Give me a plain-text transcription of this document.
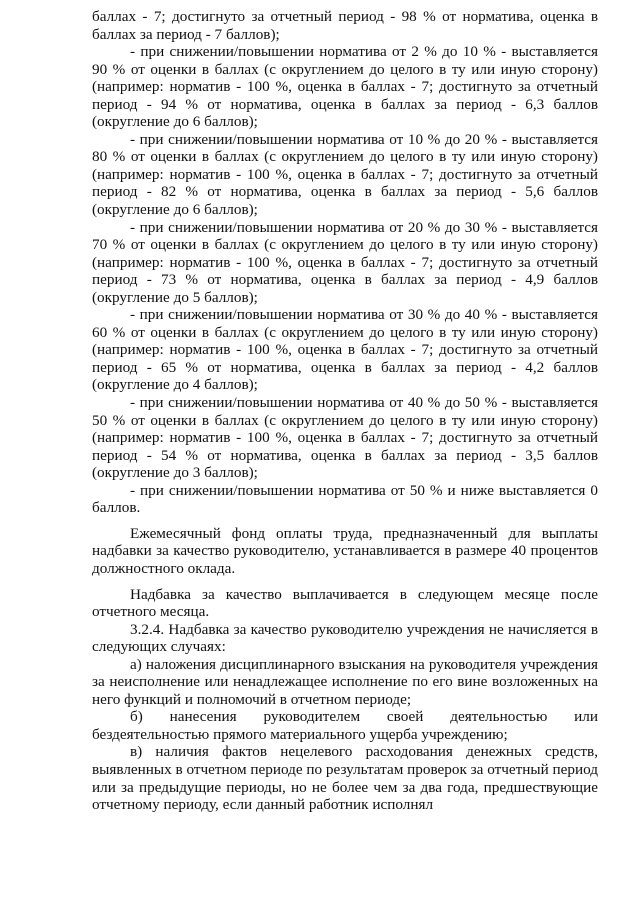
баллах - 7; достигнуто за отчетный период - 98 % от норматива, оценка в баллах за период - 7 баллов);

- при снижении/повышении норматива от 2 % до 10 % - выставляется 90 % от оценки в баллах (с округлением до целого в ту или иную сторону) (например: норматив - 100 %, оценка в баллах - 7; достигнуто за отчетный период - 94 % от норматива, оценка в баллах за период - 6,3 баллов (округление до 6 баллов);

- при снижении/повышении норматива от 10 % до 20 % - выставляется 80 % от оценки в баллах (с округлением до целого в ту или иную сторону) (например: норматив - 100 %, оценка в баллах - 7; достигнуто за отчетный период - 82 % от норматива, оценка в баллах за период - 5,6 баллов (округление до 6 баллов);

- при снижении/повышении норматива от 20 % до 30 % - выставляется 70 % от оценки в баллах (с округлением до целого в ту или иную сторону) (например: норматив - 100 %, оценка в баллах - 7; достигнуто за отчетный период - 73 % от норматива, оценка в баллах за период - 4,9 баллов (округление до 5 баллов);

- при снижении/повышении норматива от 30 % до 40 % - выставляется 60 % от оценки в баллах (с округлением до целого в ту или иную сторону) (например: норматив - 100 %, оценка в баллах - 7; достигнуто за отчетный период - 65 % от норматива, оценка в баллах за период - 4,2 баллов (округление до 4 баллов);

- при снижении/повышении норматива от 40 % до 50 % - выставляется 50 % от оценки в баллах (с округлением до целого в ту или иную сторону) (например: норматив - 100 %, оценка в баллах - 7; достигнуто за отчетный период - 54 % от норматива, оценка в баллах за период - 3,5 баллов (округление до 3 баллов);

- при снижении/повышении норматива от 50 % и ниже выставляется 0 баллов.

Ежемесячный фонд оплаты труда, предназначенный для выплаты надбавки за качество руководителю, устанавливается в размере 40 процентов должностного оклада.

Надбавка за качество выплачивается в следующем месяце после отчетного месяца.

3.2.4. Надбавка за качество руководителю учреждения не начисляется в следующих случаях:

а) наложения дисциплинарного взыскания на руководителя учреждения за неисполнение или ненадлежащее исполнение по его вине возложенных на него функций и полномочий в отчетном периоде;

б) нанесения руководителем своей деятельностью или бездеятельностью прямого материального ущерба учреждению;

в) наличия фактов нецелевого расходования денежных средств, выявленных в отчетном периоде по результатам проверок за отчетный период или за предыдущие периоды, но не более чем за два года, предшествующие отчетному периоду, если данный работник исполнял
